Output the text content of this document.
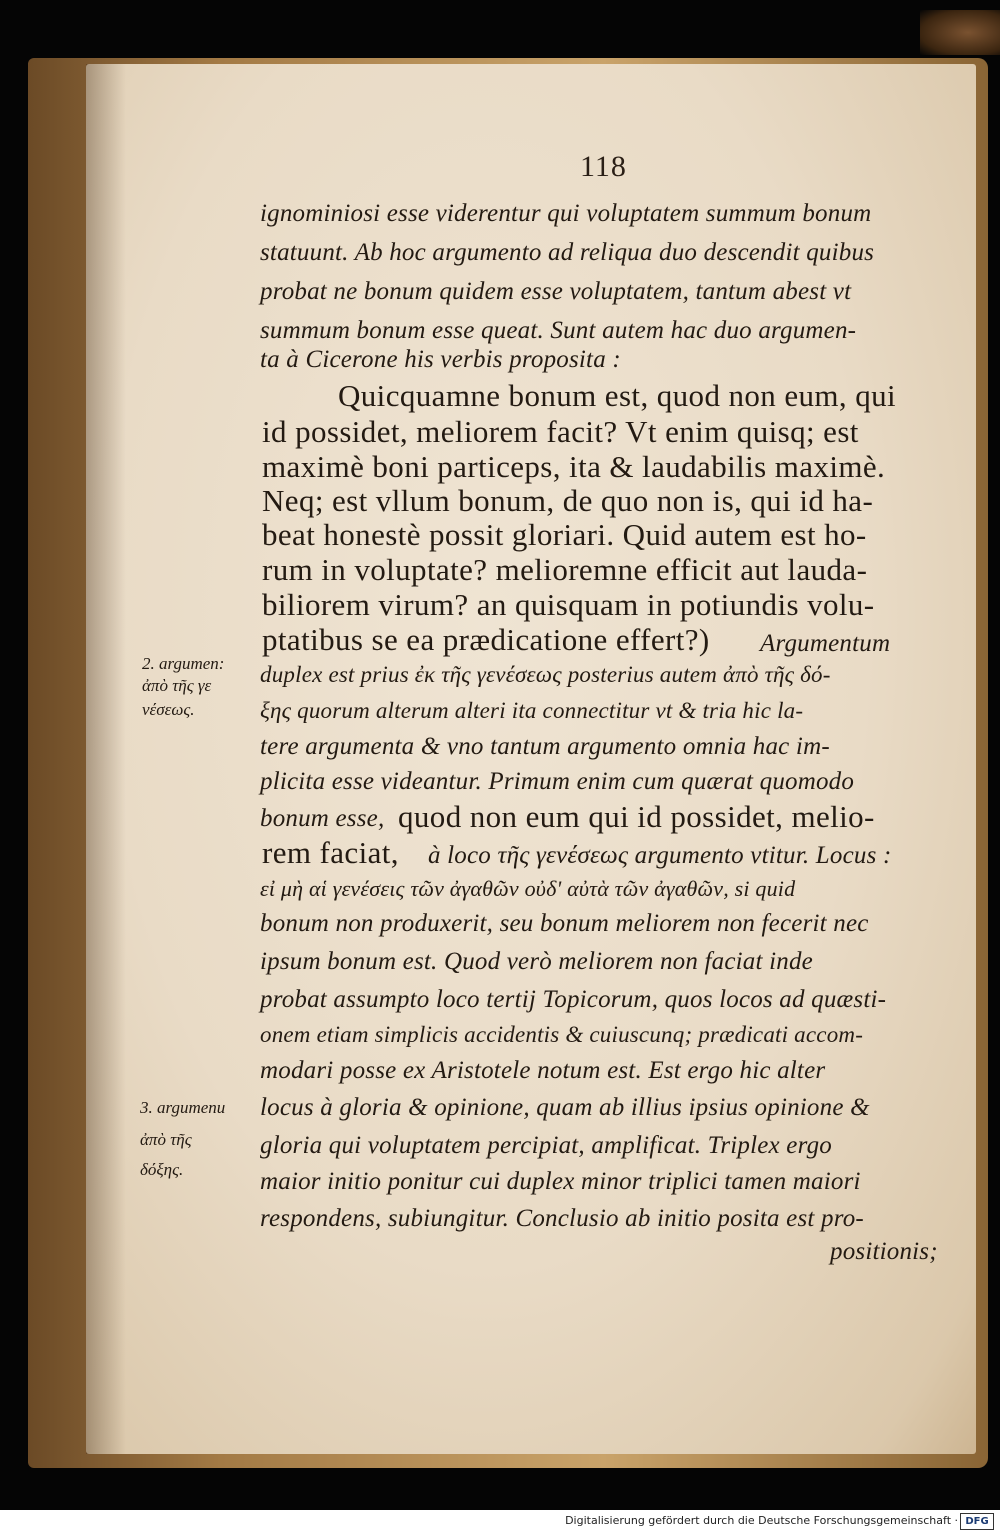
118
ignominiosi esse viderentur qui voluptatem summum bonum
statuunt. Ab hoc argumento ad reliqua duo descendit quibus
probat ne bonum quidem esse voluptatem, tantum abest vt
summum bonum esse queat. Sunt autem hac duo argumen-
ta à Cicerone his verbis proposita :
Quicquamne bonum est, quod non eum, qui
id possidet, meliorem facit? Vt enim quisq; est
maximè boni particeps, ita & laudabilis maximè.
Neq; est vllum bonum, de quo non is, qui id ha-
beat honestè possit gloriari. Quid autem est ho-
rum in voluptate? melioremne efficit aut lauda-
biliorem virum? an quisquam in potiundis volu-
ptatibus se ea prædicatione effert?) Argumentum
duplex est prius ἐκ τῆς γενέσεως posterius autem ἀπὸ τῆς δό-
ξης quorum alterum alteri ita connectitur vt & tria hic la-
tere argumenta & vno tantum argumento omnia hac im-
plicita esse videantur. Primum enim cum quærat quomodo
bonum esse, quod non eum qui id possidet, melio-
rem faciat, à loco τῆς γενέσεως argumento vtitur. Locus :
εἰ μὴ αἱ γενέσεις τῶν ἀγαθῶν οὐδ' αὐτὰ τῶν ἀγαθῶν, si quid
bonum non produxerit, seu bonum meliorem non fecerit nec
ipsum bonum est. Quod verò meliorem non faciat inde
probat assumpto loco tertij Topicorum, quos locos ad quæsti-
onem etiam simplicis accidentis & cuiuscunq; prædicati accom-
modari posse ex Aristotele notum est. Est ergo hic alter
locus à gloria & opinione, quam ab illius ipsius opinione &
gloria qui voluptatem percipiat, amplificat. Triplex ergo
maior initio ponitur cui duplex minor triplici tamen maiori
respondens, subiungitur. Conclusio ab initio posita est pro-
positionis;
2. argumen:
ἀπὸ τῆς γε
νέσεως.
3. argumenu
ἀπὸ τῆς
δόξης.
Digitalisierung gefördert durch die Deutsche Forschungsgemeinschaft · DFG
